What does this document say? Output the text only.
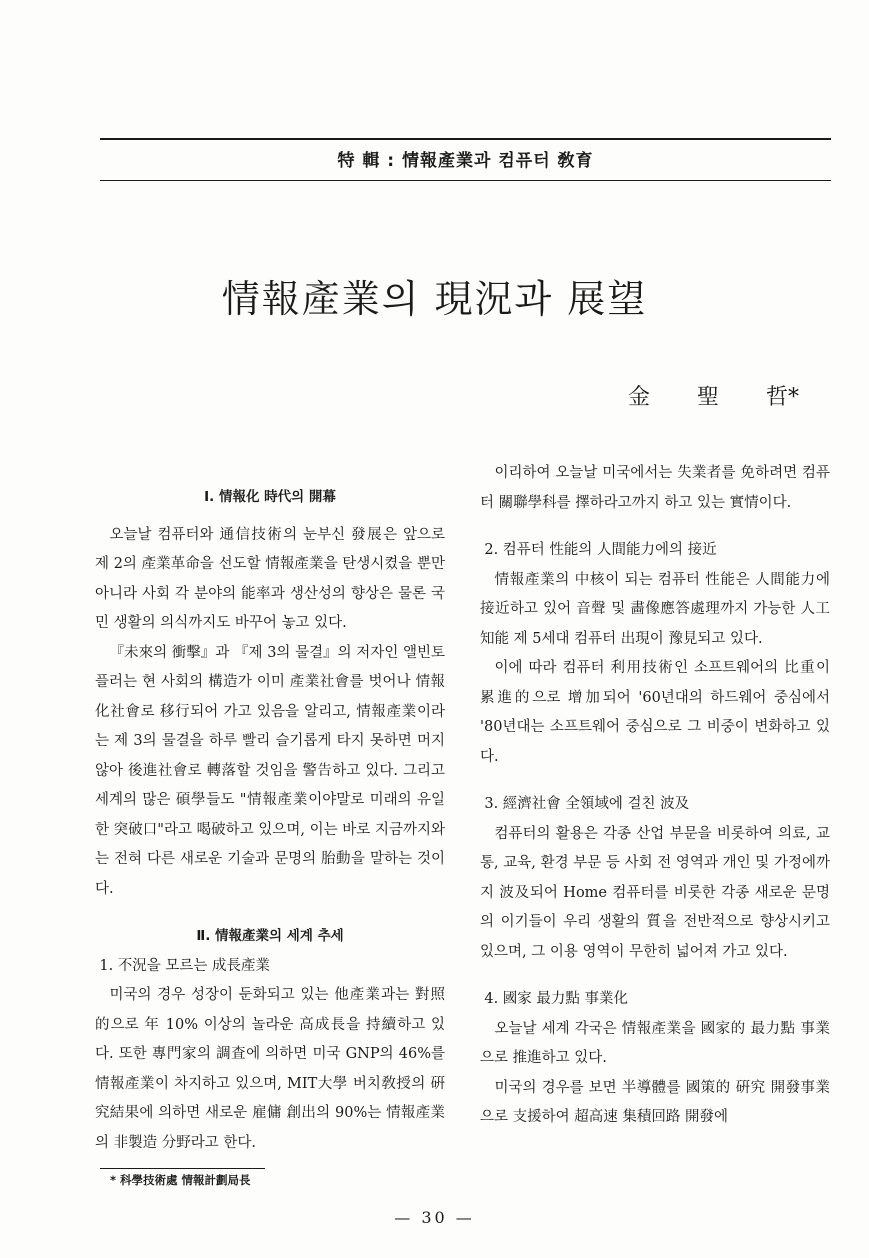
特 輯 : 情報產業과 컴퓨터 敎育
情報產業의 現況과 展望
金 聖 哲*

Ⅰ. 情報化 時代의 開幕

오늘날 컴퓨터와 通信技術의 눈부신 發展은 앞으로 제 2의 產業革命을 선도할 情報產業을 탄생시켰을 뿐만 아니라 사회 각 분야의 能率과 생산성의 향상은 물론 국민 생활의 의식까지도 바꾸어 놓고 있다.

『未來의 衝擊』과 『제 3의 물결』의 저자인 앨빈토플러는 현 사회의 構造가 이미 產業社會를 벗어나 情報化社會로 移行되어 가고 있음을 알리고, 情報產業이라는 제 3의 물결을 하루 빨리 슬기롭게 타지 못하면 머지 않아 後進社會로 轉落할 것임을 警告하고 있다. 그리고 세계의 많은 碩學들도 "情報產業이야말로 미래의 유일한 突破口"라고 喝破하고 있으며, 이는 바로 지금까지와는 전혀 다른 새로운 기술과 문명의 胎動을 말하는 것이다.

Ⅱ. 情報產業의 세계 추세

1. 不況을 모르는 成長產業

미국의 경우 성장이 둔화되고 있는 他產業과는 對照的으로 年 10% 이상의 놀라운 高成長을 持續하고 있다. 또한 專門家의 調査에 의하면 미국 GNP의 46%를 情報產業이 차지하고 있으며, MIT大學 버치敎授의 硏究結果에 의하면 새로운 雇傭 創出의 90%는 情報產業의 非製造 分野라고 한다.

이리하여 오늘날 미국에서는 失業者를 免하려면 컴퓨터 關聯學科를 擇하라고까지 하고 있는 實情이다.

2. 컴퓨터 性能의 人間能力에의 接近

情報產業의 中核이 되는 컴퓨터 性能은 人間能力에 接近하고 있어 音聲 및 畵像應答處理까지 가능한 人工知能 제 5세대 컴퓨터 出現이 豫見되고 있다.

이에 따라 컴퓨터 利用技術인 소프트웨어의 比重이 累進的으로 增加되어 '60년대의 하드웨어 중심에서 '80년대는 소프트웨어 중심으로 그 비중이 변화하고 있다.

3. 經濟社會 全領域에 걸친 波及

컴퓨터의 활용은 각종 산업 부문을 비롯하여 의료, 교통, 교육, 환경 부문 등 사회 전 영역과 개인 및 가정에까지 波及되어 Home 컴퓨터를 비롯한 각종 새로운 문명의 이기들이 우리 생활의 質을 전반적으로 향상시키고 있으며, 그 이용 영역이 무한히 넓어져 가고 있다.

4. 國家 最力點 事業化

오늘날 세계 각국은 情報產業을 國家的 最力點 事業으로 推進하고 있다.

미국의 경우를 보면 半導體를 國策的 硏究 開發事業으로 支援하여 超高速 集積回路 開發에

* 科學技術處 情報計劃局長
— 30 —
